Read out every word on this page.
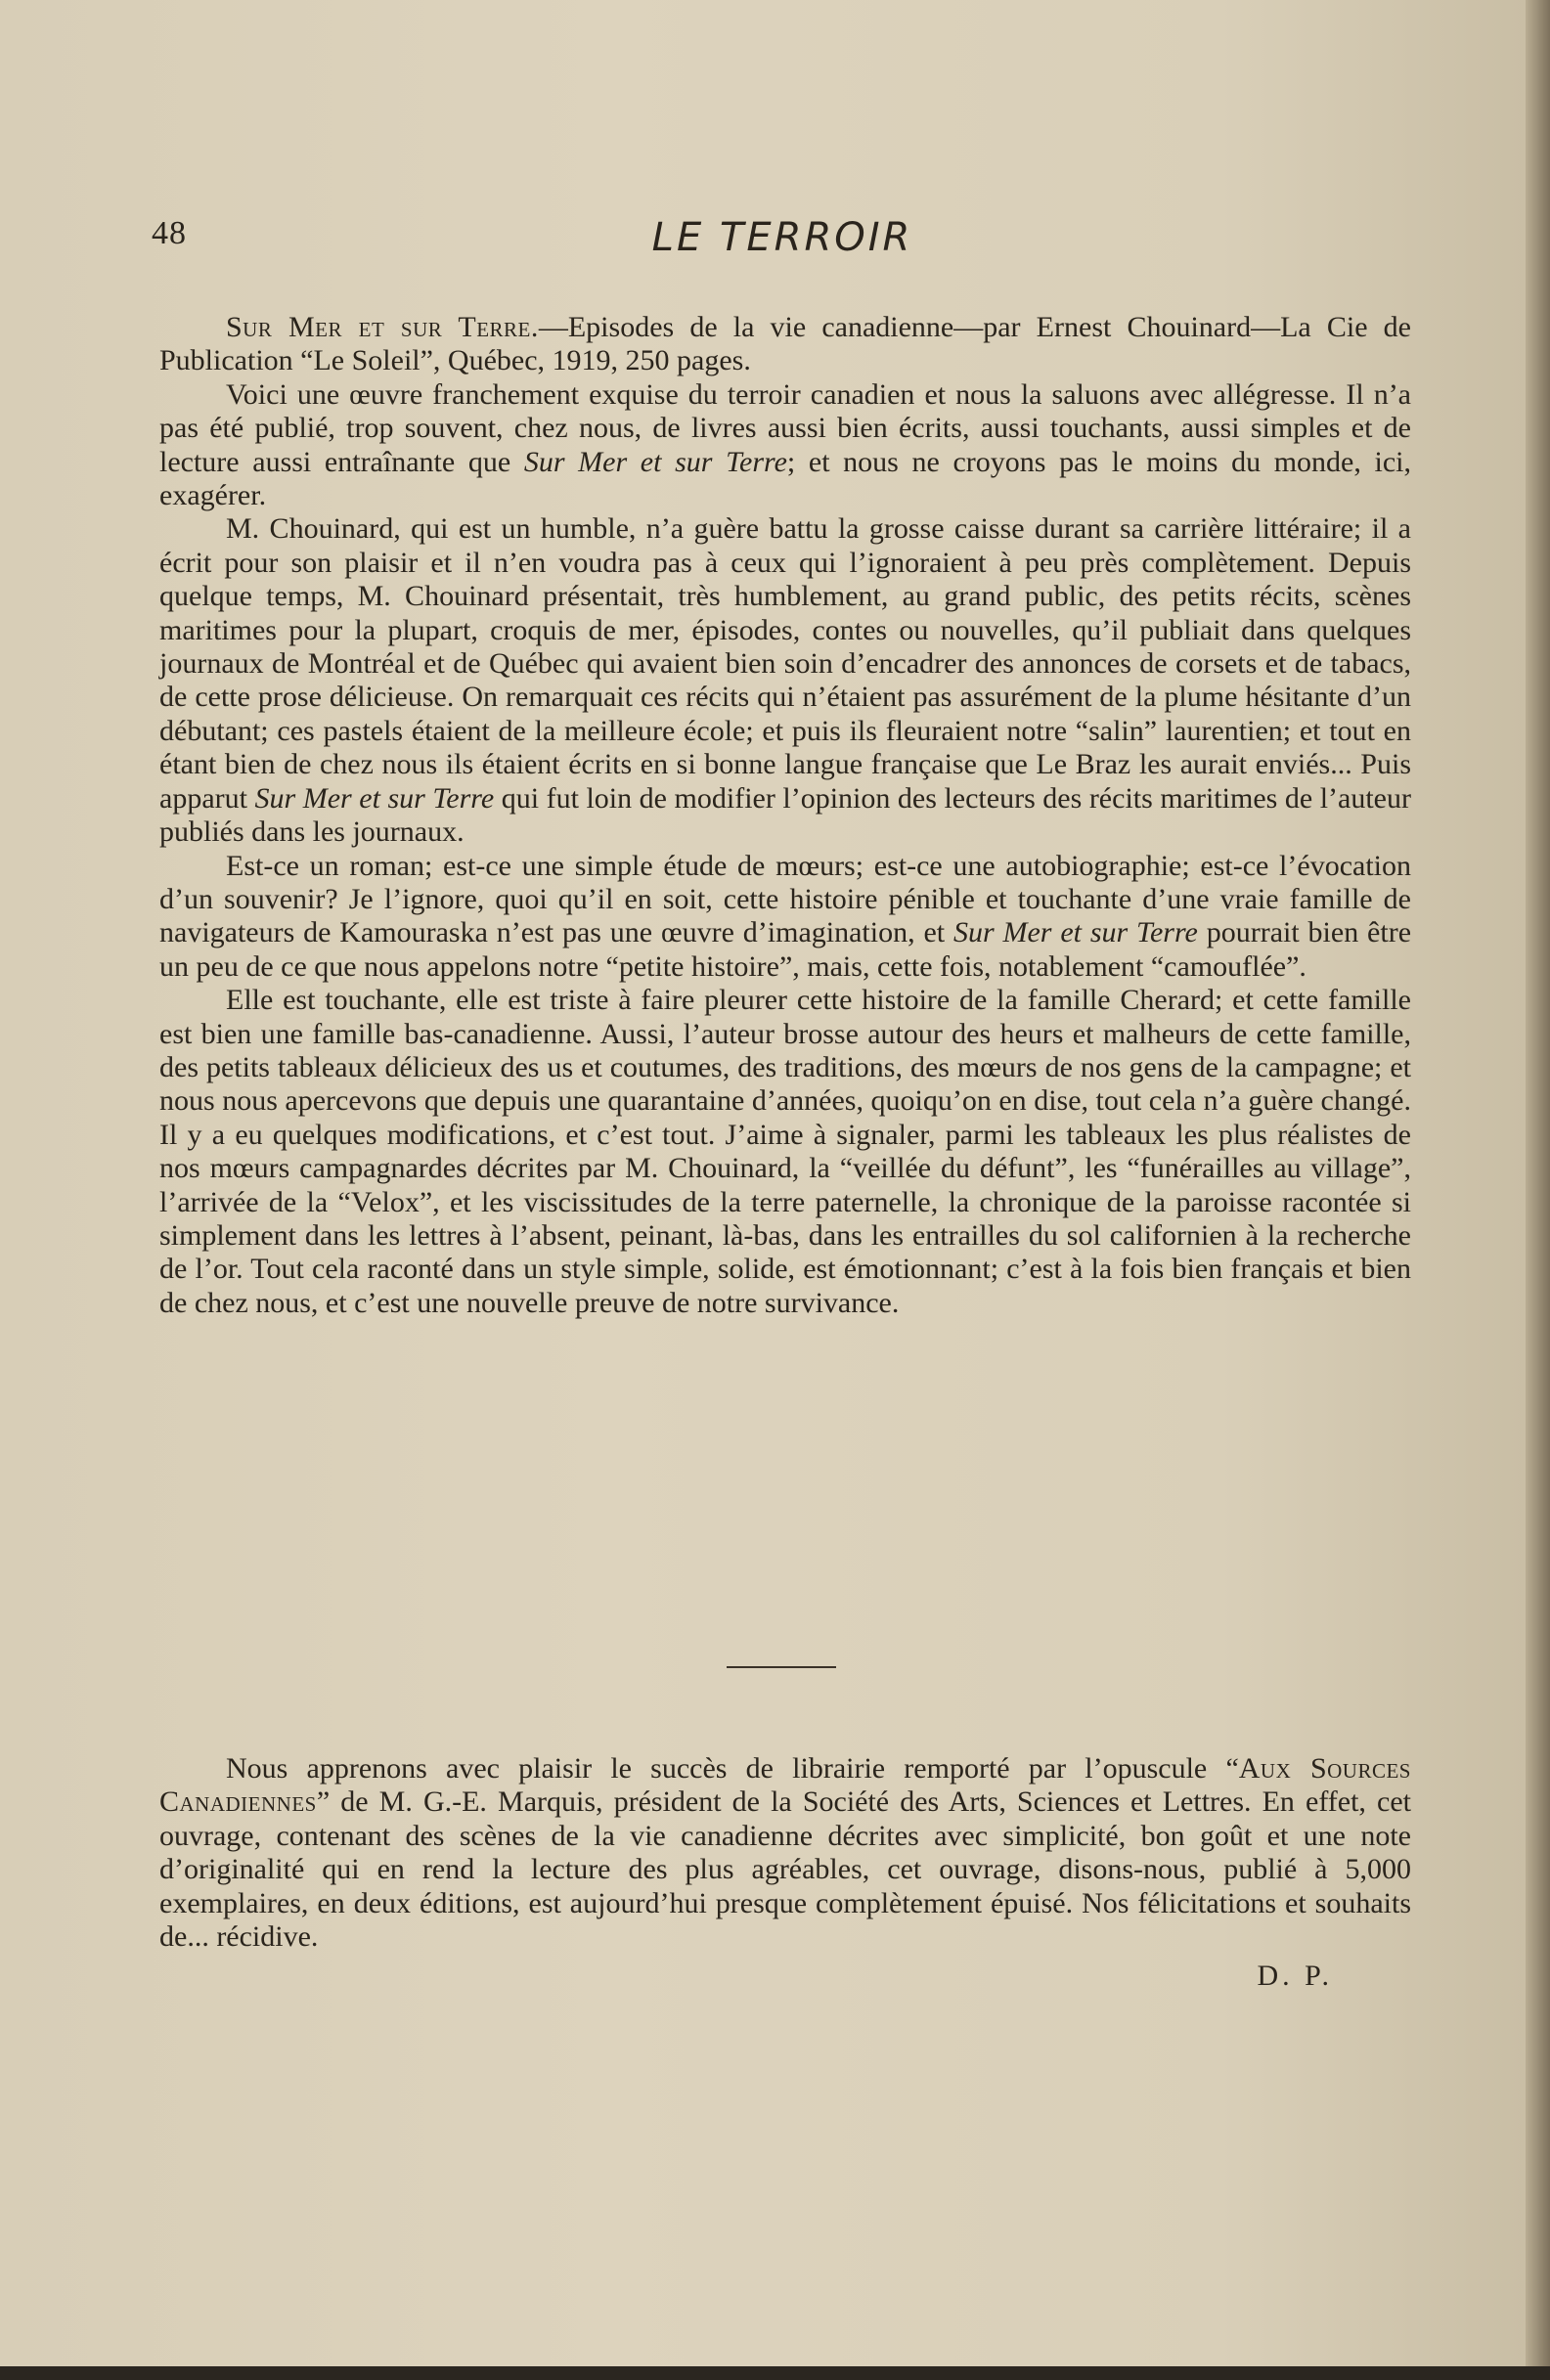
48	LE TERROIR

Sur Mer et sur Terre.—Episodes de la vie canadienne—par Ernest Chouinard—La Cie de Publication “Le Soleil”, Québec, 1919, 250 pages.

Voici une œuvre franchement exquise du terroir canadien et nous la saluons avec allégresse. Il n’a pas été publié, trop souvent, chez nous, de livres aussi bien écrits, aussi touchants, aussi simples et de lecture aussi entraînante que Sur Mer et sur Terre; et nous ne croyons pas le moins du monde, ici, exagérer.

M. Chouinard, qui est un humble, n’a guère battu la grosse caisse durant sa carrière littéraire; il a écrit pour son plaisir et il n’en voudra pas à ceux qui l’ignoraient à peu près complètement. Depuis quelque temps, M. Chouinard présentait, très humblement, au grand public, des petits récits, scènes maritimes pour la plupart, croquis de mer, épisodes, contes ou nouvelles, qu’il publiait dans quelques journaux de Montréal et de Québec qui avaient bien soin d’encadrer des annonces de corsets et de tabacs, de cette prose délicieuse. On remarquait ces récits qui n’étaient pas assurément de la plume hésitante d’un débutant; ces pastels étaient de la meilleure école; et puis ils fleuraient notre “salin” laurentien; et tout en étant bien de chez nous ils étaient écrits en si bonne langue française que Le Braz les aurait enviés... Puis apparut Sur Mer et sur Terre qui fut loin de modifier l’opinion des lecteurs des récits maritimes de l’auteur publiés dans les journaux.

Est-ce un roman; est-ce une simple étude de mœurs; est-ce une autobiographie; est-ce l’évocation d’un souvenir? Je l’ignore, quoi qu’il en soit, cette histoire pénible et touchante d’une vraie famille de navigateurs de Kamouraska n’est pas une œuvre d’imagination, et Sur Mer et sur Terre pourrait bien être un peu de ce que nous appelons notre “petite histoire”, mais, cette fois, notablement “camouflée”.

Elle est touchante, elle est triste à faire pleurer cette histoire de la famille Cherard; et cette famille est bien une famille bas-canadienne. Aussi, l’auteur brosse autour des heurs et malheurs de cette famille, des petits tableaux délicieux des us et coutumes, des traditions, des mœurs de nos gens de la campagne; et nous nous apercevons que depuis une quarantaine d’années, quoiqu’on en dise, tout cela n’a guère changé. Il y a eu quelques modifications, et c’est tout. J’aime à signaler, parmi les tableaux les plus réalistes de nos mœurs campagnardes décrites par M. Chouinard, la “veillée du défunt”, les “funérailles au village”, l’arrivée de la “Velox”, et les viscissitudes de la terre paternelle, la chronique de la paroisse racontée si simplement dans les lettres à l’absent, peinant, là-bas, dans les entrailles du sol californien à la recherche de l’or. Tout cela raconté dans un style simple, solide, est émotionnant; c’est à la fois bien français et bien de chez nous, et c’est une nouvelle preuve de notre survivance.

Nous apprenons avec plaisir le succès de librairie remporté par l’opuscule “Aux Sources Canadiennes” de M. G.-E. Marquis, président de la Société des Arts, Sciences et Lettres. En effet, cet ouvrage, contenant des scènes de la vie canadienne décrites avec simplicité, bon goût et une note d’originalité qui en rend la lecture des plus agréables, cet ouvrage, disons-nous, publié à 5,000 exemplaires, en deux éditions, est aujourd’hui presque complètement épuisé. Nos félicitations et souhaits de... récidive.

D. P.
